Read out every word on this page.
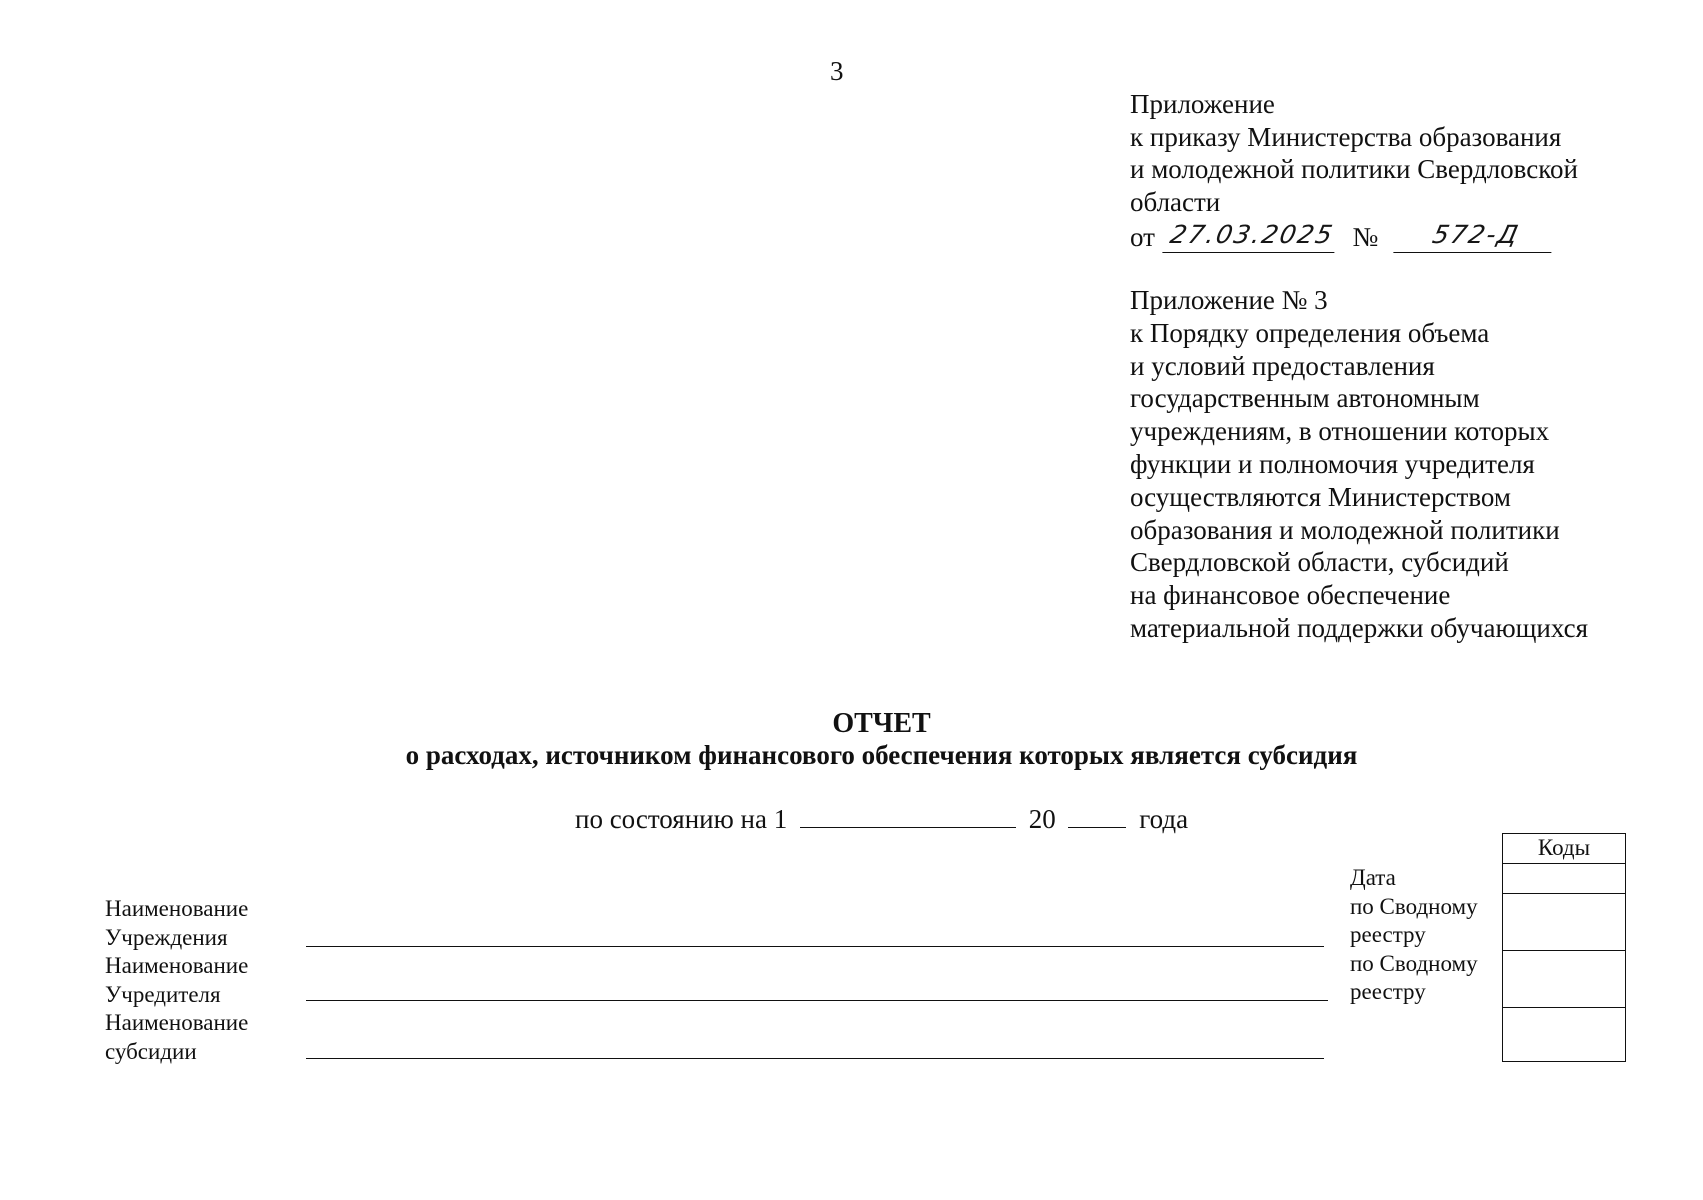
3
Приложение
к приказу Министерства образования
и молодежной политики Свердловской
области
от 27.03.2025 № 572-Д
Приложение № 3
к Порядку определения объема
и условий предоставления
государственным автономным
учреждениям, в отношении которых
функции и полномочия учредителя
осуществляются Министерством
образования и молодежной политики
Свердловской области, субсидий
на финансовое обеспечение
материальной поддержки обучающихся
ОТЧЕТ
о расходах, источником финансового обеспечения которых является субсидия
по состоянию на 1	20	года
Наименование
Учреждения
Наименование
Учредителя
Наименование
субсидии
Дата
по Сводному
реестру
по Сводному
реестру
Коды
